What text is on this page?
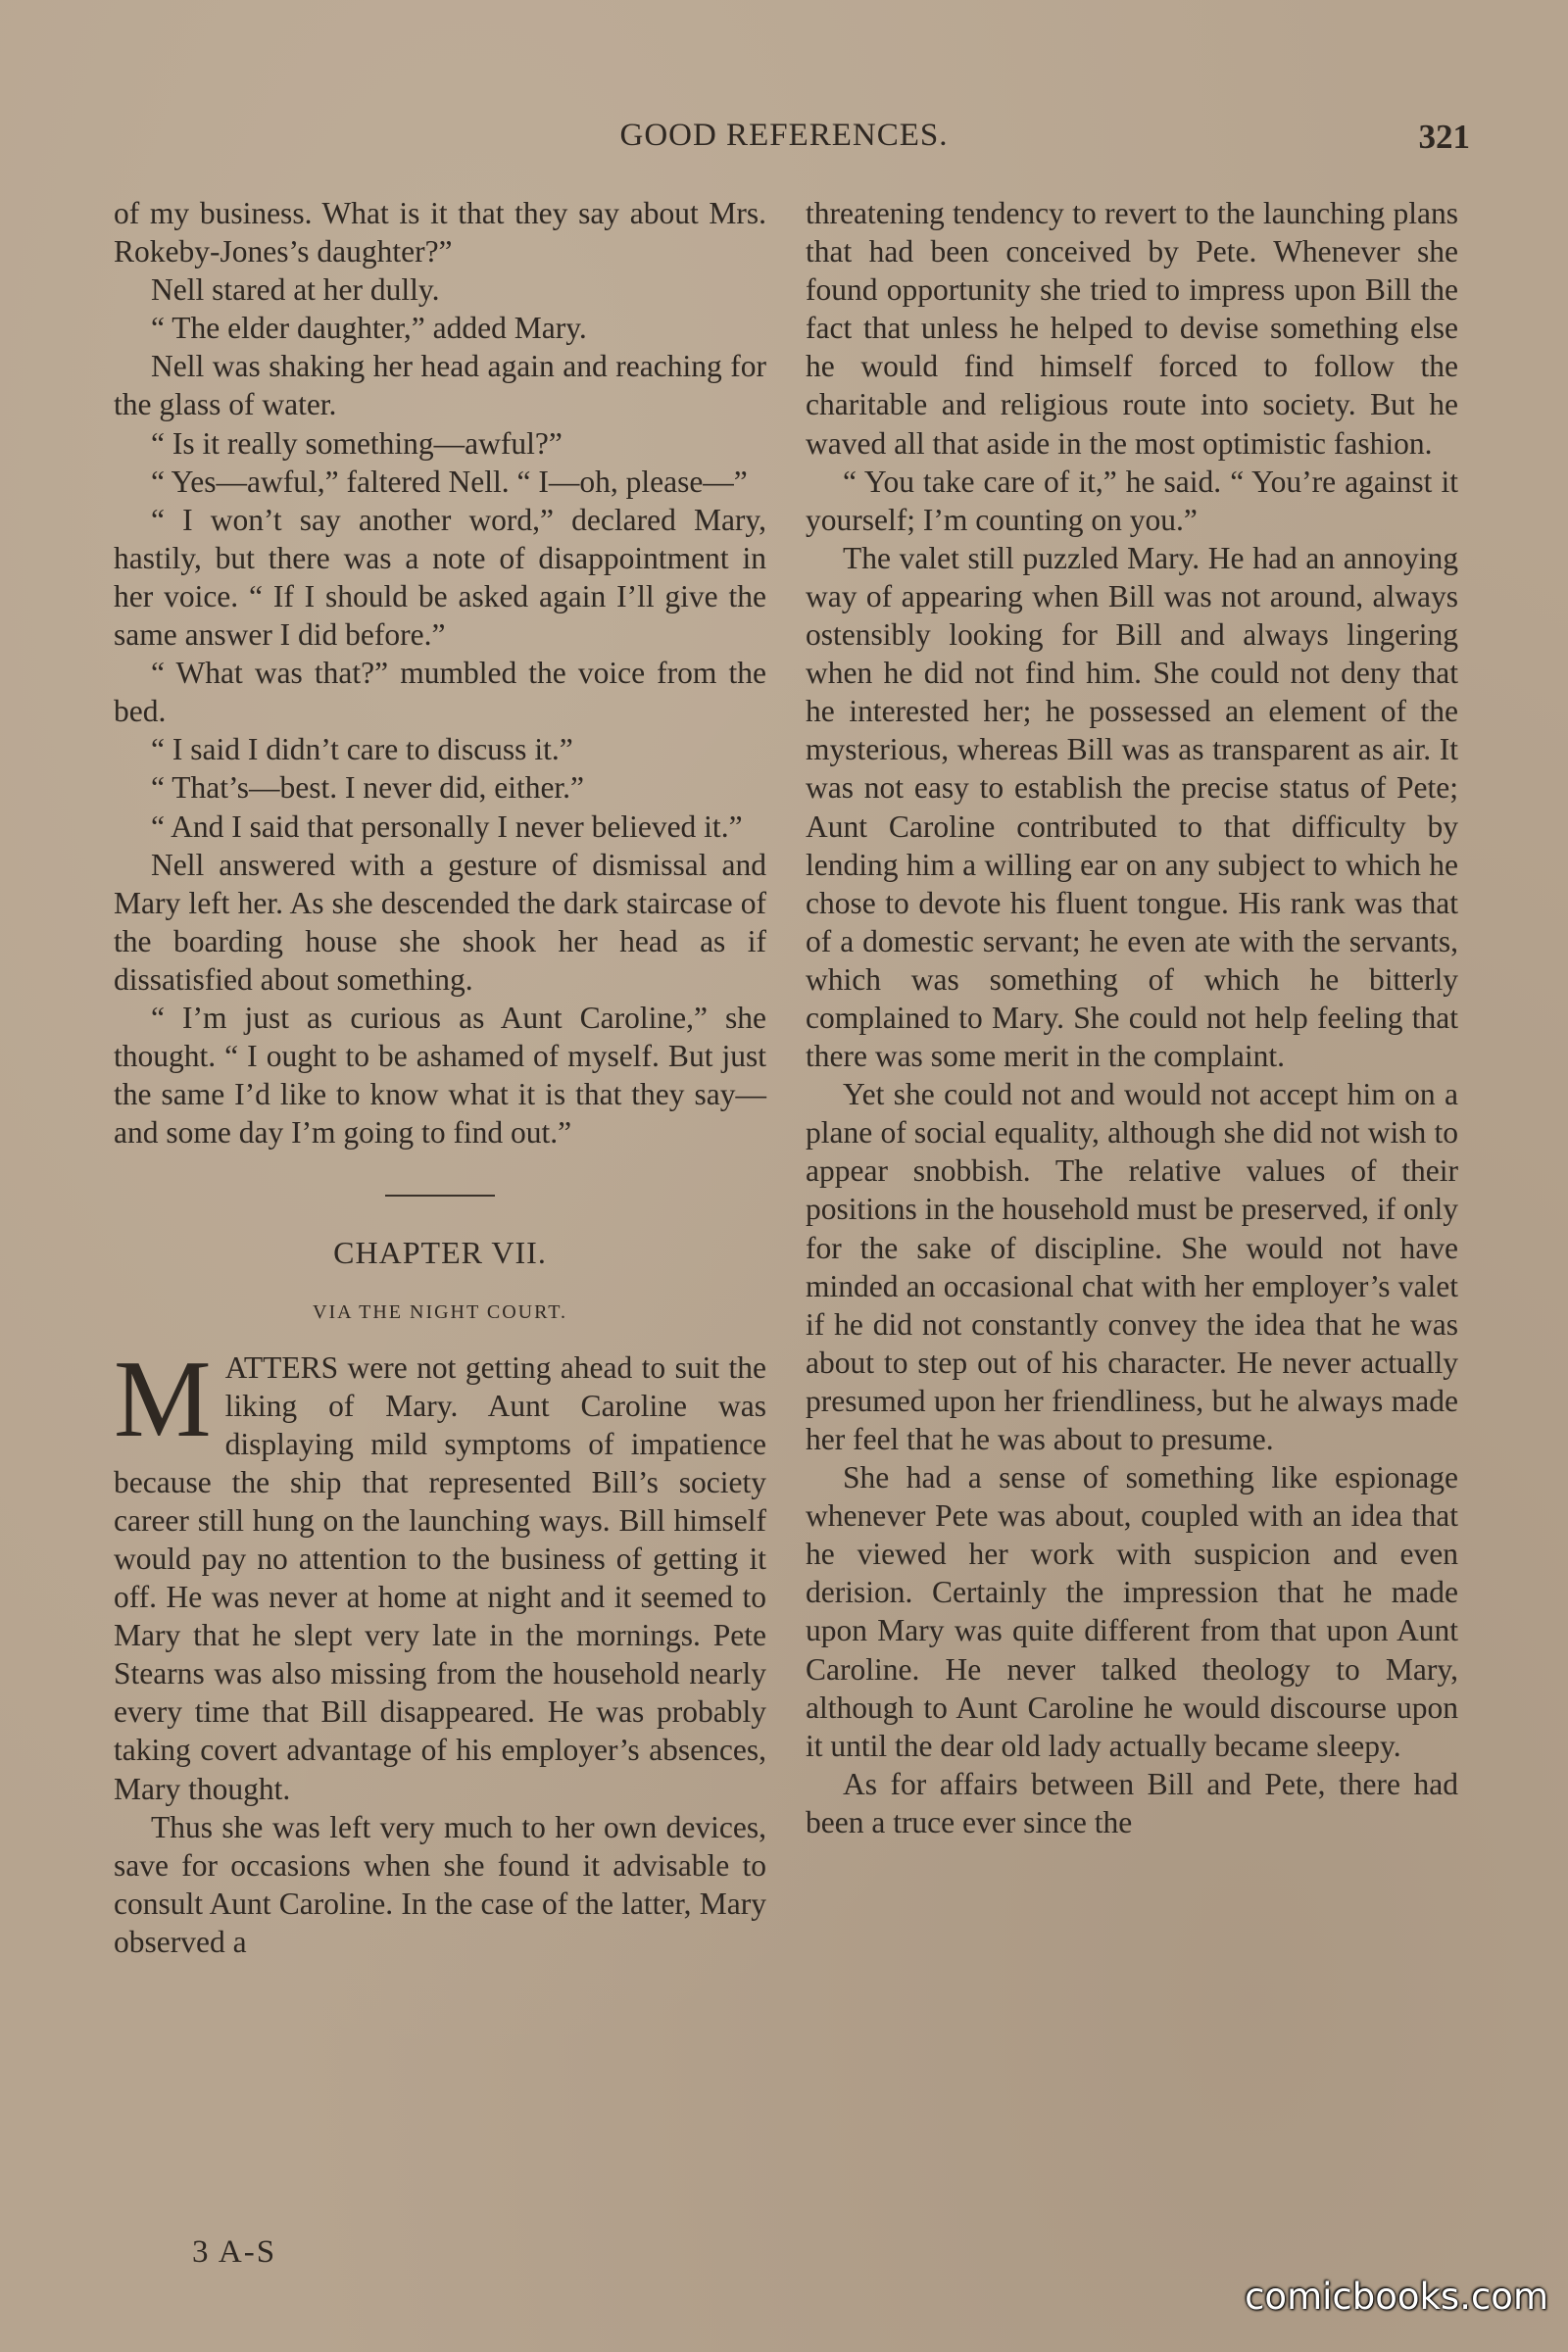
GOOD REFERENCES.	321

of my business. What is it that they say about Mrs. Rokeby-Jones’s daughter?”

Nell stared at her dully.

“ The elder daughter,” added Mary.

Nell was shaking her head again and reaching for the glass of water.

“ Is it really something—awful?”

“ Yes—awful,” faltered Nell. “ I—oh, please—”

“ I won’t say another word,” declared Mary, hastily, but there was a note of disappointment in her voice. “ If I should be asked again I’ll give the same answer I did before.”

“ What was that?” mumbled the voice from the bed.

“ I said I didn’t care to discuss it.”

“ That’s—best. I never did, either.”

“ And I said that personally I never believed it.”

Nell answered with a gesture of dismissal and Mary left her. As she descended the dark staircase of the boarding house she shook her head as if dissatisfied about something.

“ I’m just as curious as Aunt Caroline,” she thought. “ I ought to be ashamed of myself. But just the same I’d like to know what it is that they say—and some day I’m going to find out.”

CHAPTER VII.
VIA THE NIGHT COURT.

MATTERS were not getting ahead to suit the liking of Mary. Aunt Caroline was displaying mild symptoms of impatience because the ship that represented Bill’s society career still hung on the launching ways. Bill himself would pay no attention to the business of getting it off. He was never at home at night and it seemed to Mary that he slept very late in the mornings. Pete Stearns was also missing from the household nearly every time that Bill disappeared. He was probably taking covert advantage of his employer’s absences, Mary thought.

Thus she was left very much to her own devices, save for occasions when she found it advisable to consult Aunt Caroline. In the case of the latter, Mary observed a

threatening tendency to revert to the launching plans that had been conceived by Pete. Whenever she found opportunity she tried to impress upon Bill the fact that unless he helped to devise something else he would find himself forced to follow the charitable and religious route into society. But he waved all that aside in the most optimistic fashion.

“ You take care of it,” he said. “ You’re against it yourself; I’m counting on you.”

The valet still puzzled Mary. He had an annoying way of appearing when Bill was not around, always ostensibly looking for Bill and always lingering when he did not find him. She could not deny that he interested her; he possessed an element of the mysterious, whereas Bill was as transparent as air. It was not easy to establish the precise status of Pete; Aunt Caroline contributed to that difficulty by lending him a willing ear on any subject to which he chose to devote his fluent tongue. His rank was that of a domestic servant; he even ate with the servants, which was something of which he bitterly complained to Mary. She could not help feeling that there was some merit in the complaint.

Yet she could not and would not accept him on a plane of social equality, although she did not wish to appear snobbish. The relative values of their positions in the household must be preserved, if only for the sake of discipline. She would not have minded an occasional chat with her employer’s valet if he did not constantly convey the idea that he was about to step out of his character. He never actually presumed upon her friendliness, but he always made her feel that he was about to presume.

She had a sense of something like espionage whenever Pete was about, coupled with an idea that he viewed her work with suspicion and even derision. Certainly the impression that he made upon Mary was quite different from that upon Aunt Caroline. He never talked theology to Mary, although to Aunt Caroline he would discourse upon it until the dear old lady actually became sleepy.

As for affairs between Bill and Pete, there had been a truce ever since the

3 A-S
comicbooks.com
